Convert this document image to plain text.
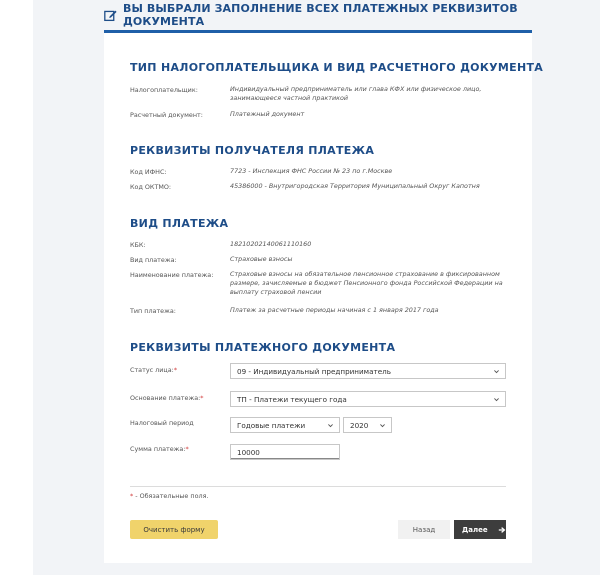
ВЫ ВЫБРАЛИ ЗАПОЛНЕНИЕ ВСЕХ ПЛАТЕЖНЫХ РЕКВИЗИТОВ ДОКУМЕНТА
ТИП НАЛОГОПЛАТЕЛЬЩИКА И ВИД РАСЧЕТНОГО ДОКУМЕНТА
Налогоплательщик:	Индивидуальный предприниматель или глава КФХ или физическое лицо, занимающееся частной практикой
Расчетный документ:	Платежный документ
РЕКВИЗИТЫ ПОЛУЧАТЕЛЯ ПЛАТЕЖА
Код ИФНС:	7723 - Инспекция ФНС России № 23 по г.Москве
Код ОКТМО:	45386000 - Внутригородская Территория Муниципальный Округ Капотня
ВИД ПЛАТЕЖА
КБК:	18210202140061110160
Вид платежа:	Страховые взносы
Наименование платежа:	Страховые взносы на обязательное пенсионное страхование в фиксированном размере, зачисляемые в бюджет Пенсионного фонда Российской Федерации на выплату страховой пенсии
Тип платежа:	Платеж за расчетные периоды начиная с 1 января 2017 года
РЕКВИЗИТЫ ПЛАТЕЖНОГО ДОКУМЕНТА
Статус лица:*	09 - Индивидуальный предприниматель
Основание платежа:*	ТП - Платежи текущего года
Налоговый период	Годовые платежи	2020
Сумма платежа:*	10000
* - Обязательные поля.
Очистить форму	Назад	Далее
